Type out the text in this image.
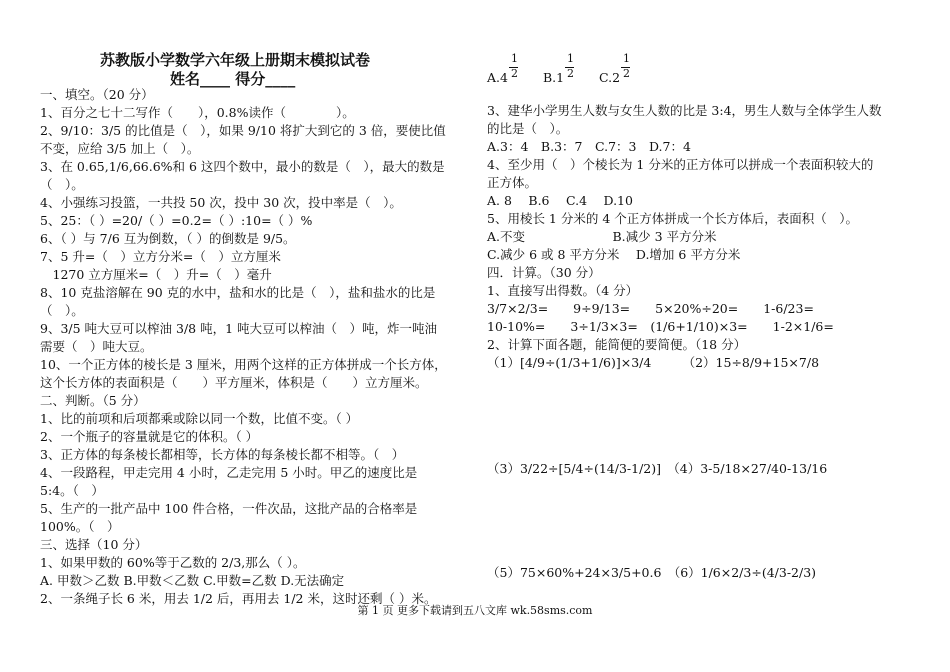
苏教版小学数学六年级上册期末模拟试卷
姓名____ 得分____
一、填空。（20 分）
1、百分之七十二写作（　　），0.8%读作（　　　　）。
2、9/10：3/5 的比值是（　），如果 9/10 将扩大到它的 3 倍，要使比值
不变，应给 3/5 加上（　）。
3、在 0.65,1/6,66.6%和 6 这四个数中，最小的数是（　），最大的数是
（　）。
4、小强练习投篮，一共投 50 次，投中 30 次，投中率是（　）。
5、25：（ ）=20/（ ）=0.2=（ ）:10=（ ）%
6、（ ）与 7/6 互为倒数，（ ）的倒数是 9/5。
7、5 升=（　）立方分米=（　）立方厘米
　1270 立方厘米=（　）升=（　）毫升
8、10 克盐溶解在 90 克的水中，盐和水的比是（　），盐和盐水的比是
（　）。
9、3/5 吨大豆可以榨油 3/8 吨，1 吨大豆可以榨油（　）吨，炸一吨油
需要（　）吨大豆。
10、一个正方体的棱长是 3 厘米，用两个这样的正方体拼成一个长方体，
这个长方体的表面积是（　　）平方厘米，体积是（　　）立方厘米。
二、判断。（5 分）
1、比的前项和后项都乘或除以同一个数，比值不变。（ ）
2、一个瓶子的容量就是它的体积。（ ）
3、正方体的每条棱长都相等，长方体的每条棱长都不相等。（　）
4、一段路程，甲走完用 4 小时，乙走完用 5 小时。甲乙的速度比是
5:4。（　）
5、生产的一批产品中 100 件合格，一件次品，这批产品的合格率是
100%。（　）
三、选择（10 分）
1、如果甲数的 60%等于乙数的 2/3,那么（ ）。
A. 甲数＞乙数 B.甲数＜乙数 C.甲数=乙数 D.无法确定
2、一条绳子长 6 米，用去 1/2 后，再用去 1/2 米，这时还剩（ ）米。
A.4
1
2 B.1
1
2 C.2
1
2
3、建华小学男生人数与女生人数的比是 3:4，男生人数与全体学生人数
的比是（　）。
A.3：4　B.3：7　C.7：3　D.7：4
4、至少用（　）个棱长为 1 分米的正方体可以拼成一个表面积较大的
正方体。
A. 8　 B.6　 C.4　 D.10
5、用棱长 1 分米的 4 个正方体拼成一个长方体后，表面积（　）。
A.不变　　　　　　　B.减少 3 平方分米
C.减少 6 或 8 平方分米　 D.增加 6 平方分米
四．计算。（30 分）
1、直接写出得数。（4 分）
3/7×2/3=　　9÷9/13=　　5×20%÷20=　　1-6/23=
10-10%=　　3÷1/3×3=　(1/6+1/10)×3=　　1-2×1/6=
2、计算下面各题，能简便的要简便。（18 分）
（1）[4/9÷(1/3+1/6)]×3/4　　　（2）15÷8/9+15×7/8
（3）3/22÷[5/4÷(14/3-1/2)]　（4）3-5/18×27/40-13/16
（5）75×60%+24×3/5+0.6　（6）1/6×2/3÷(4/3-2/3)
第 1 页 更多下载请到五八文库 wk.58sms.com
